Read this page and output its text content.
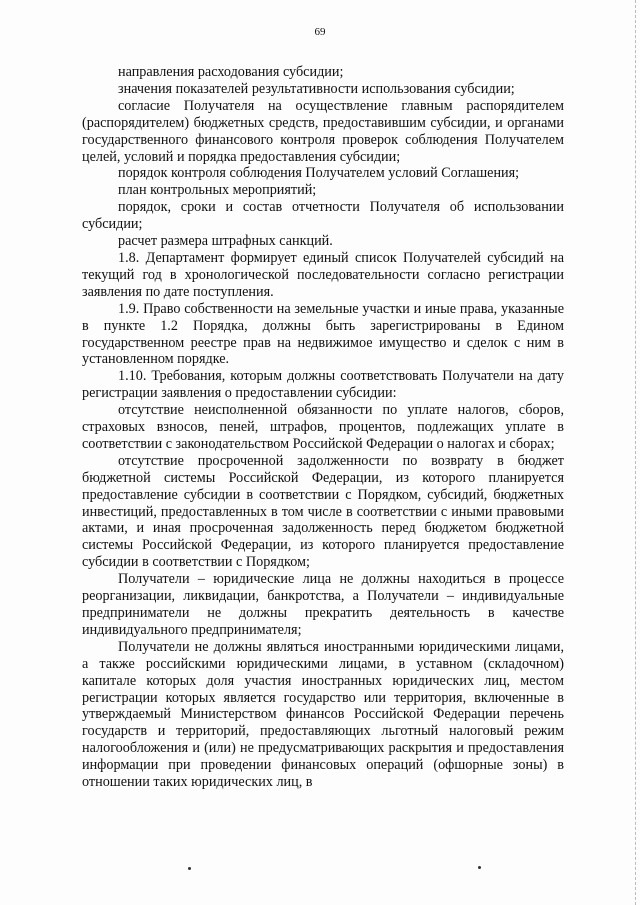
69

направления расходования субсидии;

значения показателей результативности использования субсидии;

согласие Получателя на осуществление главным распорядителем (распорядителем) бюджетных средств, предоставившим субсидии, и органами государственного финансового контроля проверок соблюдения Получателем целей, условий и порядка предоставления субсидии;

порядок контроля соблюдения Получателем условий Соглашения;

план контрольных мероприятий;

порядок, сроки и состав отчетности Получателя об использовании субсидии;

расчет размера штрафных санкций.

1.8. Департамент формирует единый список Получателей субсидий на текущий год в хронологической последовательности согласно регистрации заявления по дате поступления.

1.9. Право собственности на земельные участки и иные права, указанные в пункте 1.2 Порядка, должны быть зарегистрированы в Едином государственном реестре прав на недвижимое имущество и сделок с ним в установленном порядке.

1.10. Требования, которым должны соответствовать Получатели на дату регистрации заявления о предоставлении субсидии:

отсутствие неисполненной обязанности по уплате налогов, сборов, страховых взносов, пеней, штрафов, процентов, подлежащих уплате в соответствии с законодательством Российской Федерации о налогах и сборах;

отсутствие просроченной задолженности по возврату в бюджет бюджетной системы Российской Федерации, из которого планируется предоставление субсидии в соответствии с Порядком, субсидий, бюджетных инвестиций, предоставленных в том числе в соответствии с иными правовыми актами, и иная просроченная задолженность перед бюджетом бюджетной системы Российской Федерации, из которого планируется предоставление субсидии в соответствии с Порядком;

Получатели – юридические лица не должны находиться в процессе реорганизации, ликвидации, банкротства, а Получатели – индивидуальные предприниматели не должны прекратить деятельность в качестве индивидуального предпринимателя;

Получатели не должны являться иностранными юридическими лицами, а также российскими юридическими лицами, в уставном (складочном) капитале которых доля участия иностранных юридических лиц, местом регистрации которых является государство или территория, включенные в утверждаемый Министерством финансов Российской Федерации перечень государств и территорий, предоставляющих льготный налоговый режим налогообложения и (или) не предусматривающих раскрытия и предоставления информации при проведении финансовых операций (офшорные зоны) в отношении таких юридических лиц, в
